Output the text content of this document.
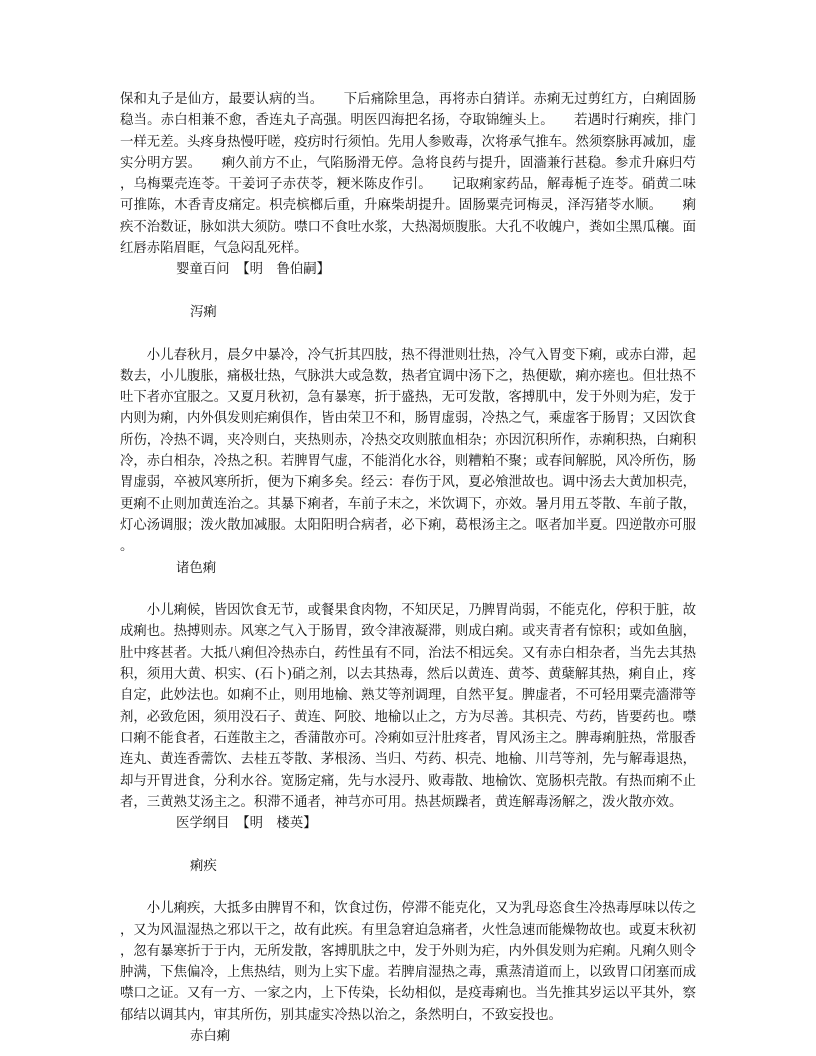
保和丸子是仙方，最要认病的当。　　下后痛除里急，再将赤白猜详。赤痢无过剪红方，白痢固肠稳当。赤白相兼不愈，香连丸子高强。明医四海把名扬，夺取锦缠头上。　　若遇时行痢疾，排门一样无差。头疼身热慢吁嗟，疫疠时行须怕。先用人参败毒，次将承气推车。然须察脉再减加，虚实分明方罢。　　痢久前方不止，气陷肠滑无停。急将良药与提升，固濇兼行甚稳。参朮升麻归芍，乌梅粟壳连苓。干姜诃子赤茯苓，粳米陈皮作引。　　记取痢家药品，解毒栀子连苓。硝黄二味可推陈，木香青皮痛定。枳壳槟榔后重，升麻柴胡提升。固肠粟壳诃梅灵，泽泻猪苓水顺。　　痢疾不治数证，脉如洪大须防。噤口不食吐水浆，大热渴烦腹胀。大孔不收魄户，粪如尘黑瓜穰。面红唇赤陷眉眶，气急闷乱死样。

婴童百问　【明　鲁伯嗣】

泻痢

小儿春秋月，晨夕中暴冷，冷气折其四肢，热不得泄则壮热，冷气入胃变下痢，或赤白滞，起数去，小儿腹胀，痛极壮热，气脉洪大或急数，热者宜调中汤下之，热便歇，痢亦瘥也。但壮热不吐下者亦宜服之。又夏月秋初，急有暴寒，折于盛热，无可发散，客搏肌中，发于外则为疟，发于内则为痢，内外俱发则疟痢俱作，皆由荣卫不和，肠胃虚弱，冷热之气，乘虚客于肠胃；又因饮食所伤，冷热不调，夹冷则白，夹热则赤，冷热交攻则脓血相杂；亦因沉积所作，赤痢积热，白痢积冷，赤白相杂，冷热之积。若脾胃气虚，不能消化水谷，则糟粕不聚；或春间解脱，风冷所伤，肠胃虚弱，卒被风寒所折，便为下痢多矣。经云：春伤于风，夏必飧泄故也。调中汤去大黄加枳壳，更痢不止则加黄连治之。其暴下痢者，车前子末之，米饮调下，亦效。暑月用五苓散、车前子散，灯心汤调服；泼火散加减服。太阳阳明合病者，必下痢，葛根汤主之。呕者加半夏。四逆散亦可服。

诸色痢

小儿痢候，皆因饮食无节，或餐果食肉物，不知厌足，乃脾胃尚弱，不能克化，停积于脏，故成痢也。热搏则赤。风寒之气入于肠胃，致令津液凝滞，则成白痢。或夹青者有惊积；或如鱼脑，肚中疼甚者。大抵八痢但冷热赤白，药性虽有不同，治法不相远矣。又有赤白相杂者，当先去其热积，须用大黄、枳实、(石卜)硝之剂，以去其热毒，然后以黄连、黄芩、黄蘖解其热，痢自止，疼自定，此妙法也。如痢不止，则用地榆、熟艾等剂调理，自然平复。脾虚者，不可轻用粟壳濇滞等剂，必致危困，须用没石子、黄连、阿胶、地榆以止之，方为尽善。其枳壳、芍药，皆要药也。噤口痢不能食者，石莲散主之，香蒲散亦可。冷痢如豆汁肚疼者，胃风汤主之。脾毒痢脏热，常服香连丸、黄连香薷饮、去桂五苓散、茅根汤、当归、芍药、枳壳、地榆、川芎等剂，先与解毒退热，却与开胃进食，分利水谷。宽肠定痛，先与水浸丹、败毒散、地榆饮、宽肠枳壳散。有热而痢不止者，三黄熟艾汤主之。积滞不通者，神芎亦可用。热甚烦躁者，黄连解毒汤解之，泼火散亦效。

医学纲目　【明　楼英】

痢疾

小儿痢疾，大抵多由脾胃不和，饮食过伤，停滞不能克化，又为乳母恣食生冷热毒厚味以传之，又为风温湿热之邪以干之，故有此疾。有里急窘迫急痛者，火性急速而能燥物故也。或夏末秋初，忽有暴寒折于于内，无所发散，客搏肌肤之中，发于外则为疟，内外俱发则为疟痢。凡痢久则令肿满，下焦偏冷，上焦热结，则为上实下虚。若脾肩湿热之毒，熏蒸清道而上，以致胃口闭塞而成噤口之证。又有一方、一家之内，上下传染，长幼相似，是疫毒痢也。当先推其岁运以平其外，察郁结以调其内，审其所伤，别其虚实冷热以治之，条然明白，不致妄投也。

赤白痢
